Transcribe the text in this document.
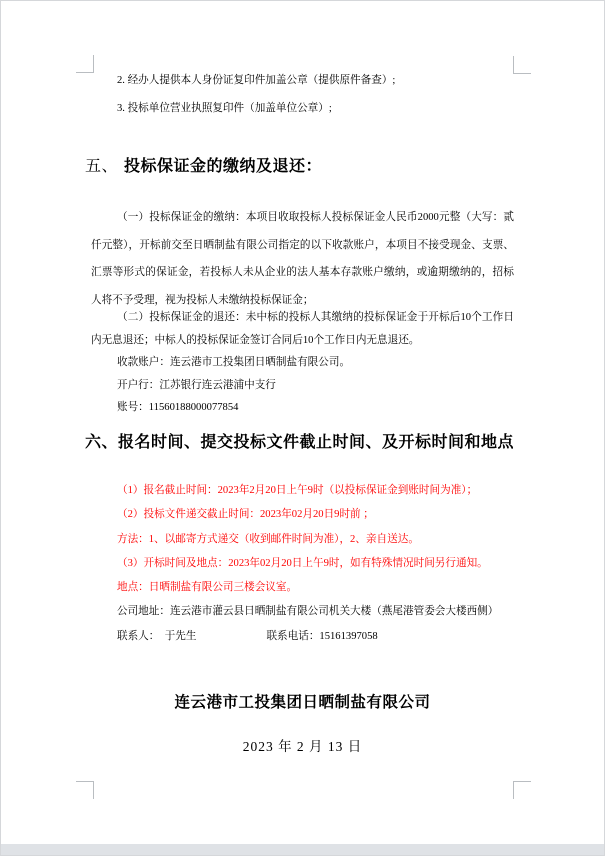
2. 经办人提供本人身份证复印件加盖公章（提供原件备查）;

3. 投标单位营业执照复印件（加盖单位公章）;

五、 投标保证金的缴纳及退还：

（一）投标保证金的缴纳：本项目收取投标人投标保证金人民币2000元整（大写：贰仟元整），开标前交至日晒制盐有限公司指定的以下收款账户，本项目不接受现金、支票、汇票等形式的保证金，若投标人未从企业的法人基本存款账户缴纳，或逾期缴纳的，招标人将不予受理，视为投标人未缴纳投标保证金；

（二）投标保证金的退还：未中标的投标人其缴纳的投标保证金于开标后10个工作日内无息退还；中标人的投标保证金签订合同后10个工作日内无息退还。

收款账户：连云港市工投集团日晒制盐有限公司。

开户行：江苏银行连云港浦中支行

账号：11560188000077854

六、报名时间、提交投标文件截止时间、及开标时间和地点

（1）报名截止时间：2023年2月20日上午9时（以投标保证金到账时间为准）；

（2）投标文件递交截止时间：2023年02月20日9时前 ；

方法：1、以邮寄方式递交（收到邮件时间为准），2、亲自送达。

（3）开标时间及地点：2023年02月20日上午9时，如有特殊情况时间另行通知。

地点：日晒制盐有限公司三楼会议室。

公司地址：连云港市灌云县日晒制盐有限公司机关大楼（燕尾港管委会大楼西侧）

联系人：  于先生	联系电话：15161397058

连云港市工投集团日晒制盐有限公司
2023 年 2 月 13 日
